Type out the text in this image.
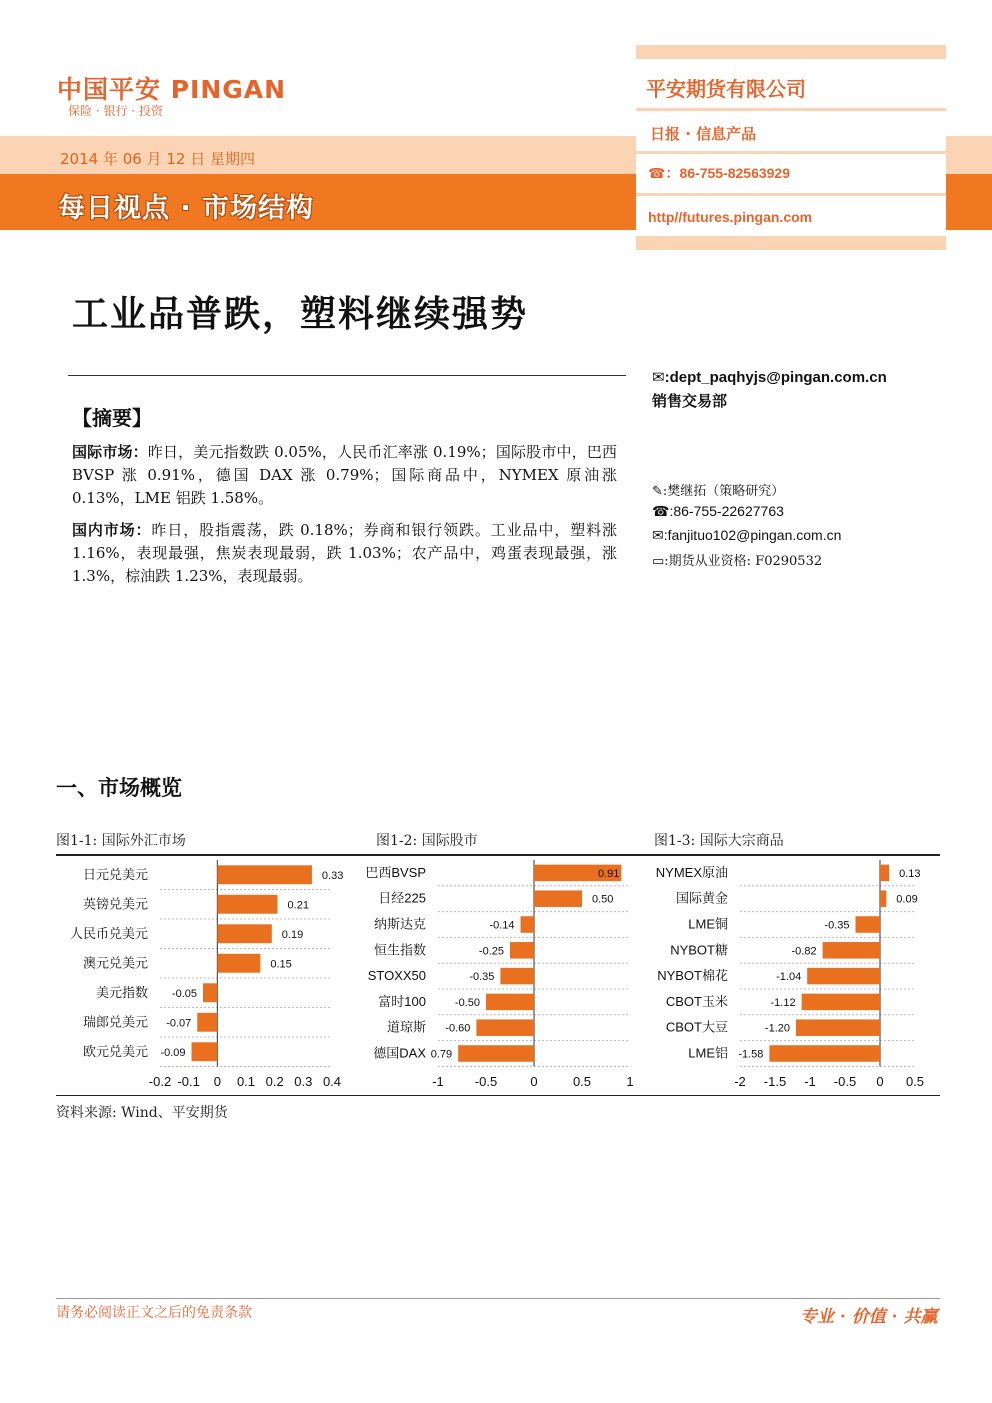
中国平安 PINGAN
保险 · 银行 · 投资
2014 年 06 月 12 日 星期四
每日视点 · 市场结构
平安期货有限公司
日报 · 信息产品
☎：86-755-82563929
http//futures.pingan.com
工业品普跌，塑料继续强势
✉:dept_paqhyjs@pingan.com.cn
销售交易部
✎:樊继拓（策略研究）
☎:86-755-22627763
✉:fanjituo102@pingan.com.cn
▭:期货从业资格: F0290532
【摘要】
国际市场：昨日，美元指数跌 0.05%，人民币汇率涨 0.19%；国际股市中，巴西 BVSP 涨 0.91%，德国 DAX 涨 0.79%；国际商品中，NYMEX 原油涨 0.13%，LME 铝跌 1.58%。
国内市场：昨日，股指震荡，跌 0.18%；券商和银行领跌。工业品中，塑料涨 1.16%，表现最强，焦炭表现最弱，跌 1.03%；农产品中，鸡蛋表现最强，涨 1.3%，棕油跌 1.23%，表现最弱。
一、市场概览
图1-1: 国际外汇市场	图1-2: 国际股市	图1-3: 国际大宗商品
日元兑美元	0.33
英镑兑美元	0.21
人民币兑美元	0.19
澳元兑美元	0.15
美元指数 -0.05
瑞郎兑美元 -0.07
欧元兑美元 -0.09
-0.2 -0.1 0 0.1 0.2 0.3 0.4
巴西BVSP	0.91
日经225	0.50
纳斯达克	-0.14
恒生指数	-0.25
STOXX50	-0.35
富时100	-0.50
道琼斯 -0.60
德国DAX 0.79
-1 -0.5	0	0.5	1
NYMEX原油	0.13
国际黄金	0.09
LME铜	-0.35
NYBOT糖	-0.82
NYBOT棉花	-1.04
CBOT玉米	-1.12
CBOT大豆	-1.20
LME铝 -1.58
-2 -1.5 -1 -0.5 0 0.5
资料来源: Wind、平安期货
请务必阅读正文之后的免责条款	专业 · 价值 · 共赢
